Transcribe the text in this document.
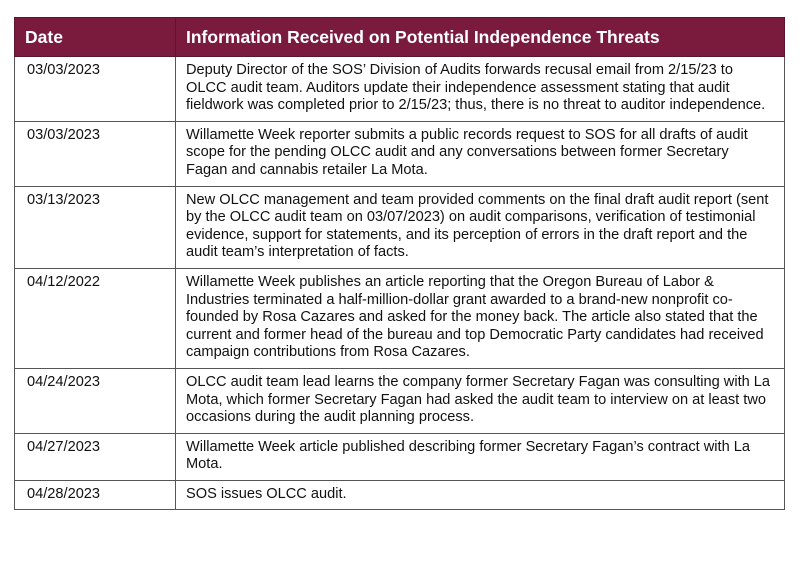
Date	Information Received on Potential Independence Threats
03/03/2023	Deputy Director of the SOS’ Division of Audits forwards recusal email from 2/15/23 to OLCC audit team. Auditors update their independence assessment stating that audit fieldwork was completed prior to 2/15/23; thus, there is no threat to auditor independence.
03/03/2023	Willamette Week reporter submits a public records request to SOS for all drafts of audit scope for the pending OLCC audit and any conversations between former Secretary Fagan and cannabis retailer La Mota.
03/13/2023	New OLCC management and team provided comments on the final draft audit report (sent by the OLCC audit team on 03/07/2023) on audit comparisons, verification of testimonial evidence, support for statements, and its perception of errors in the draft report and the audit team’s interpretation of facts.
04/12/2022	Willamette Week publishes an article reporting that the Oregon Bureau of Labor & Industries terminated a half-million-dollar grant awarded to a brand-new nonprofit co-founded by Rosa Cazares and asked for the money back. The article also stated that the current and former head of the bureau and top Democratic Party candidates had received campaign contributions from Rosa Cazares.
04/24/2023	OLCC audit team lead learns the company former Secretary Fagan was consulting with La Mota, which former Secretary Fagan had asked the audit team to interview on at least two occasions during the audit planning process.
04/27/2023	Willamette Week article published describing former Secretary Fagan’s contract with La Mota.
04/28/2023	SOS issues OLCC audit.
